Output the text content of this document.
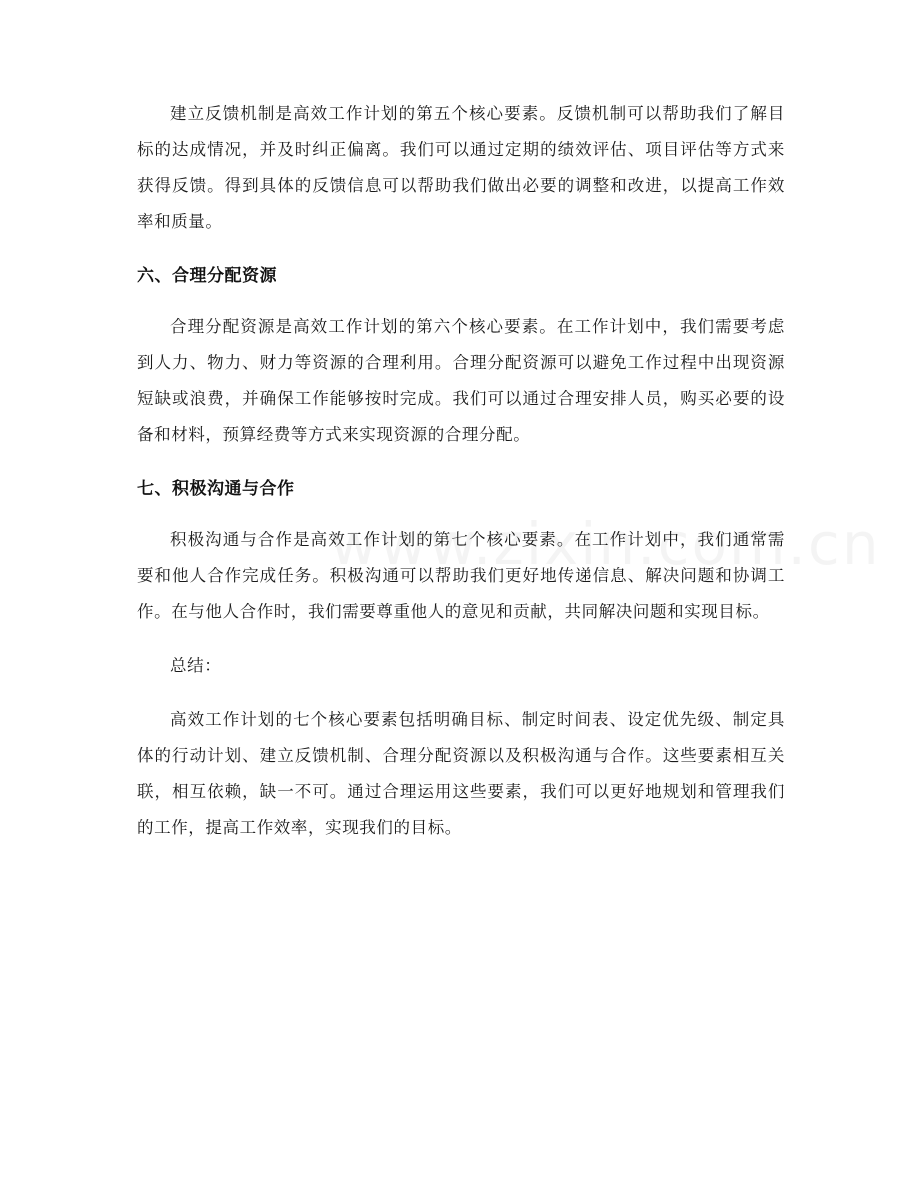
建立反馈机制是高效工作计划的第五个核心要素。反馈机制可以帮助我们了解目标的达成情况，并及时纠正偏离。我们可以通过定期的绩效评估、项目评估等方式来获得反馈。得到具体的反馈信息可以帮助我们做出必要的调整和改进，以提高工作效率和质量。

六、合理分配资源

合理分配资源是高效工作计划的第六个核心要素。在工作计划中，我们需要考虑到人力、物力、财力等资源的合理利用。合理分配资源可以避免工作过程中出现资源短缺或浪费，并确保工作能够按时完成。我们可以通过合理安排人员，购买必要的设备和材料，预算经费等方式来实现资源的合理分配。

七、积极沟通与合作

积极沟通与合作是高效工作计划的第七个核心要素。在工作计划中，我们通常需要和他人合作完成任务。积极沟通可以帮助我们更好地传递信息、解决问题和协调工作。在与他人合作时，我们需要尊重他人的意见和贡献，共同解决问题和实现目标。

总结：

高效工作计划的七个核心要素包括明确目标、制定时间表、设定优先级、制定具体的行动计划、建立反馈机制、合理分配资源以及积极沟通与合作。这些要素相互关联，相互依赖，缺一不可。通过合理运用这些要素，我们可以更好地规划和管理我们的工作，提高工作效率，实现我们的目标。
